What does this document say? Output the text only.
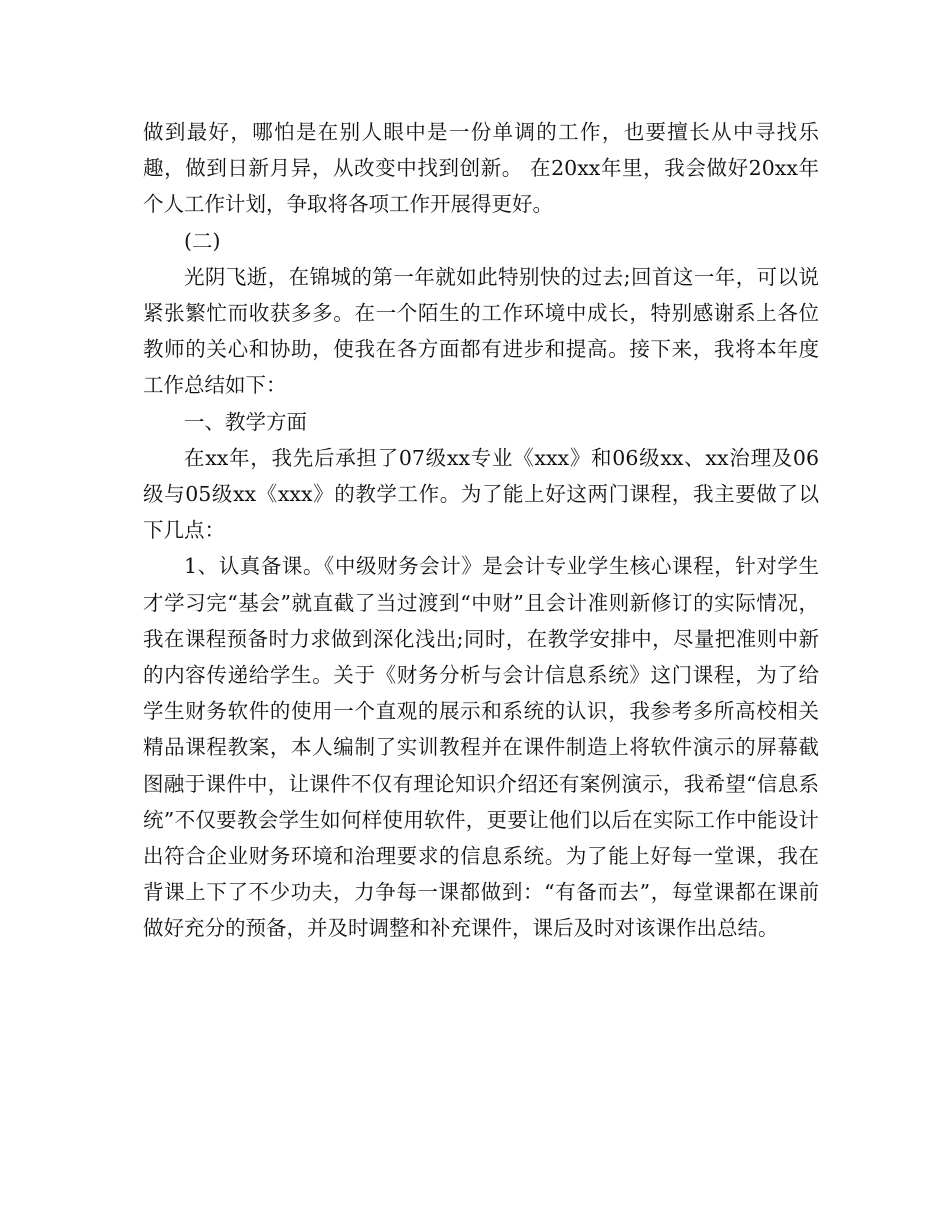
做到最好，哪怕是在别人眼中是一份单调的工作，也要擅长从中寻找乐趣，做到日新月异，从改变中找到创新。 在20xx年里，我会做好20xx年个人工作计划，争取将各项工作开展得更好。

(二)

光阴飞逝，在锦城的第一年就如此特别快的过去;回首这一年，可以说紧张繁忙而收获多多。在一个陌生的工作环境中成长，特别感谢系上各位教师的关心和协助，使我在各方面都有进步和提高。接下来，我将本年度工作总结如下：

一、教学方面

在xx年，我先后承担了07级xx专业《xxx》和06级xx、xx治理及06级与05级xx《xxx》的教学工作。为了能上好这两门课程，我主要做了以下几点：

1、认真备课。《中级财务会计》是会计专业学生核心课程，针对学生才学习完“基会”就直截了当过渡到“中财”且会计准则新修订的实际情况，我在课程预备时力求做到深化浅出;同时，在教学安排中，尽量把准则中新的内容传递给学生。关于《财务分析与会计信息系统》这门课程，为了给学生财务软件的使用一个直观的展示和系统的认识，我参考多所高校相关精品课程教案，本人编制了实训教程并在课件制造上将软件演示的屏幕截图融于课件中，让课件不仅有理论知识介绍还有案例演示，我希望“信息系统”不仅要教会学生如何样使用软件，更要让他们以后在实际工作中能设计出符合企业财务环境和治理要求的信息系统。为了能上好每一堂课，我在背课上下了不少功夫，力争每一课都做到：“有备而去”，每堂课都在课前做好充分的预备，并及时调整和补充课件，课后及时对该课作出总结。
